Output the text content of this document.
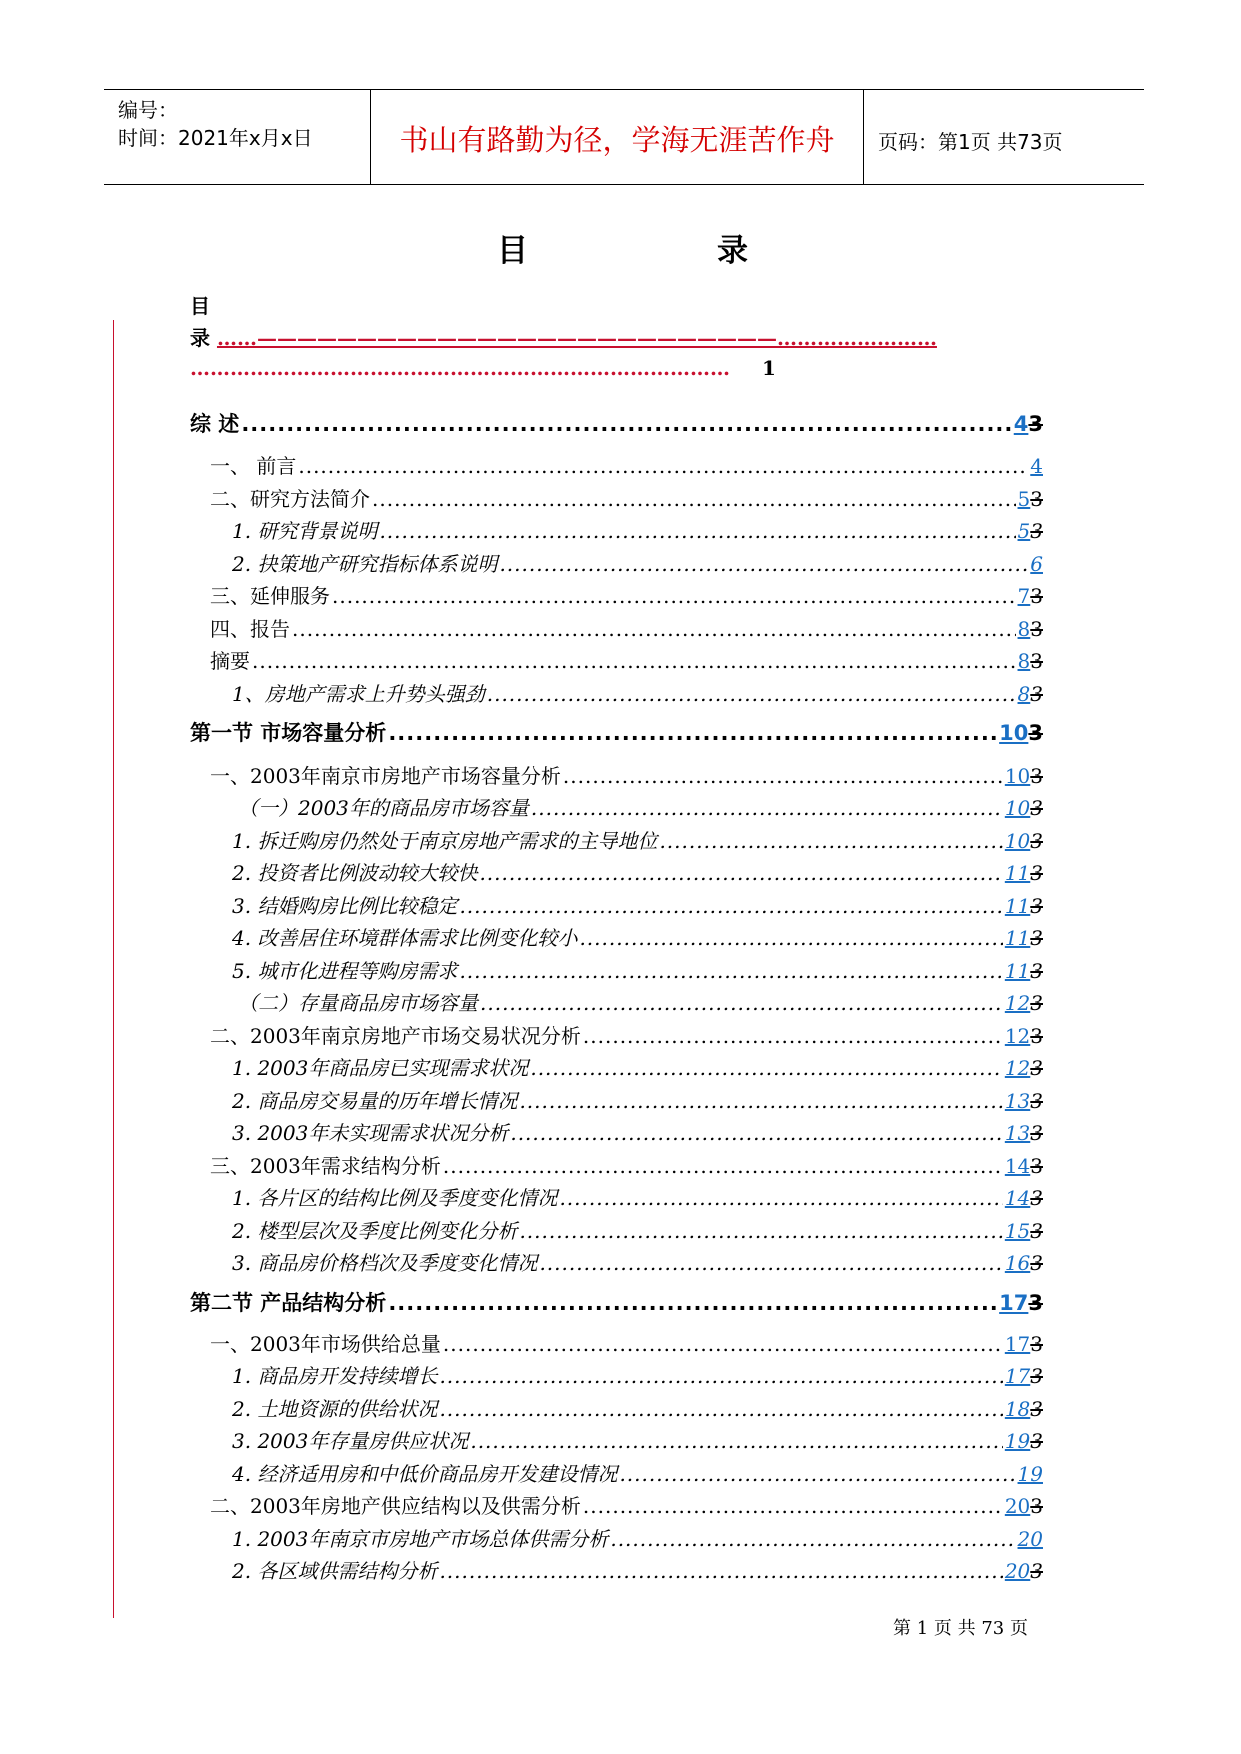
编号：
时间：2021年x月x日	书山有路勤为径，学海无涯苦作舟	页码：第1页 共73页
目	录
目
录 ……——————————————————————————……………………
………………………………………………………………………	1
综 述 .....	43
一、 前言 .....	4
二、研究方法简介 .....	53
1. 研究背景说明 .....	53
2. 抉策地产研究指标体系说明 .....	6
三、延伸服务 .....	73
四、报告 .....	83
摘要 .....	83
1、房地产需求上升势头强劲 .....	83
第一节 市场容量分析 .....	103
一、2003年南京市房地产市场容量分析 .....	103
（一）2003年的商品房市场容量 .....	103
1. 拆迁购房仍然处于南京房地产需求的主导地位 .....	103
2. 投资者比例波动较大较快 .....	113
3. 结婚购房比例比较稳定 .....	113
4. 改善居住环境群体需求比例变化较小 .....	113
5. 城市化进程等购房需求 .....	113
（二）存量商品房市场容量 .....	123
二、2003年南京房地产市场交易状况分析 .....	123
1. 2003年商品房已实现需求状况 .....	123
2. 商品房交易量的历年增长情况 .....	133
3. 2003年未实现需求状况分析 .....	133
三、2003年需求结构分析 .....	143
1. 各片区的结构比例及季度变化情况 .....	143
2. 楼型层次及季度比例变化分析 .....	153
3. 商品房价格档次及季度变化情况 .....	163
第二节 产品结构分析 .....	173
一、2003年市场供给总量 .....	173
1. 商品房开发持续增长 .....	173
2. 土地资源的供给状况 .....	183
3. 2003年存量房供应状况 .....	193
4. 经济适用房和中低价商品房开发建设情况 .....	19
二、2003年房地产供应结构以及供需分析 .....	203
1. 2003年南京市房地产市场总体供需分析 .....	20
2. 各区域供需结构分析 .....	203
第 1 页 共 73 页
